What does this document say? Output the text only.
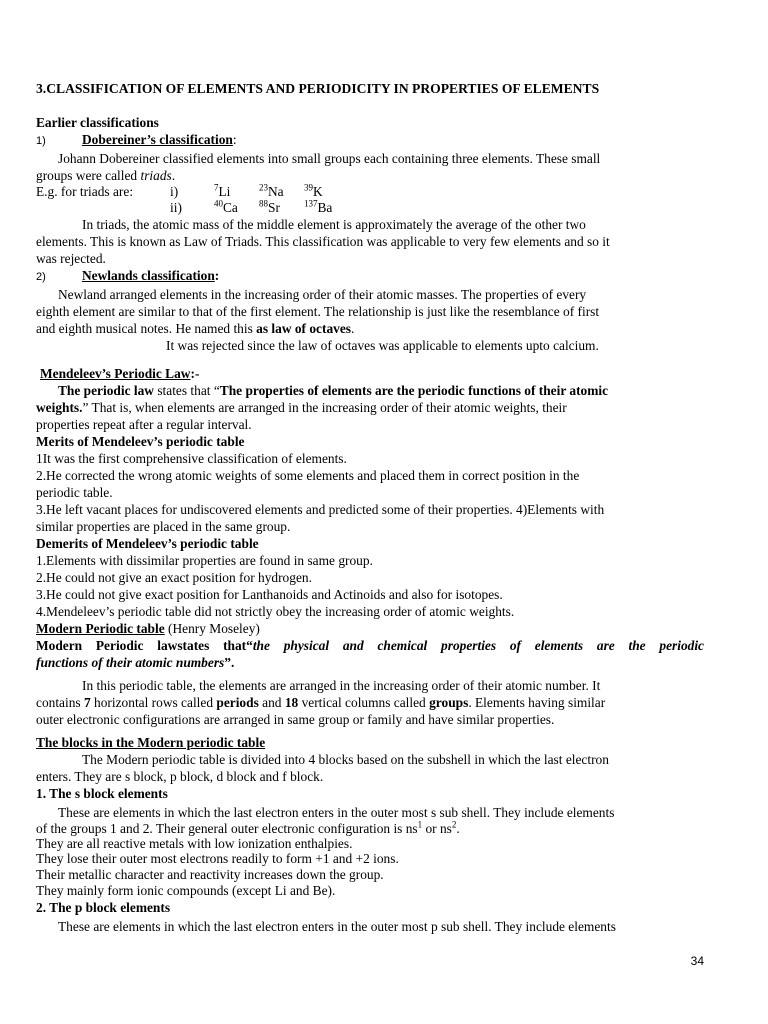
3.CLASSIFICATION OF ELEMENTS AND PERIODICITY IN PROPERTIES OF ELEMENTS

Earlier classifications

1)	Dobereiner’s classification:

Johann Dobereiner classified elements into small groups each containing three elements. These small

groups were called triads.

E.g. for triads are:	i)	$^7$Li	$^{23}$Na	$^{39}$K
ii)	$^{40}$Ca	$^{88}$Sr	$^{137}$Ba

In triads, the atomic mass of the middle element is approximately the average of the other two

elements. This is known as Law of Triads. This classification was applicable to very few elements and so it

was rejected.

2)	Newlands classification:

Newland arranged elements in the increasing order of their atomic masses. The properties of every

eighth element are similar to that of the first element. The relationship is just like the resemblance of first

and eighth musical notes. He named this as law of octaves.

It was rejected since the law of octaves was applicable to elements upto calcium.

Mendeleev’s Periodic Law:-

The periodic law states that “The properties of elements are the periodic functions of their atomic

weights.” That is, when elements are arranged in the increasing order of their atomic weights, their

properties repeat after a regular interval.

Merits of Mendeleev’s periodic table

1It was the first comprehensive classification of elements.

2.He corrected the wrong atomic weights of some elements and placed them in correct position in the

periodic table.

3.He left vacant places for undiscovered elements and predicted some of their properties. 4)Elements with

similar properties are placed in the same group.

Demerits of Mendeleev’s periodic table

1.Elements with dissimilar properties are found in same group.

2.He could not give an exact position for hydrogen.

3.He could not give exact position for Lanthanoids and Actinoids and also for isotopes.

4.Mendeleev’s periodic table did not strictly obey the increasing order of atomic weights.

Modern Periodic table (Henry Moseley)

Modern Periodic lawstates that“the physical and chemical properties of elements are the periodic

functions of their atomic numbers”.

In this periodic table, the elements are arranged in the increasing order of their atomic number. It

contains 7 horizontal rows called periods and 18 vertical columns called groups. Elements having similar

outer electronic configurations are arranged in same group or family and have similar properties.

The blocks in the Modern periodic table

The Modern periodic table is divided into 4 blocks based on the subshell in which the last electron

enters. They are s block, p block, d block and f block.

1. The s block elements

These are elements in which the last electron enters in the outer most s sub shell. They include elements

of the groups 1 and 2. Their general outer electronic configuration is $ns^1$ or $ns^2$.

They are all reactive metals with low ionization enthalpies.

They lose their outer most electrons readily to form +1 and +2 ions.

Their metallic character and reactivity increases down the group.

They mainly form ionic compounds (except Li and Be).

2. The p block elements

These are elements in which the last electron enters in the outer most p sub shell. They include elements

34
